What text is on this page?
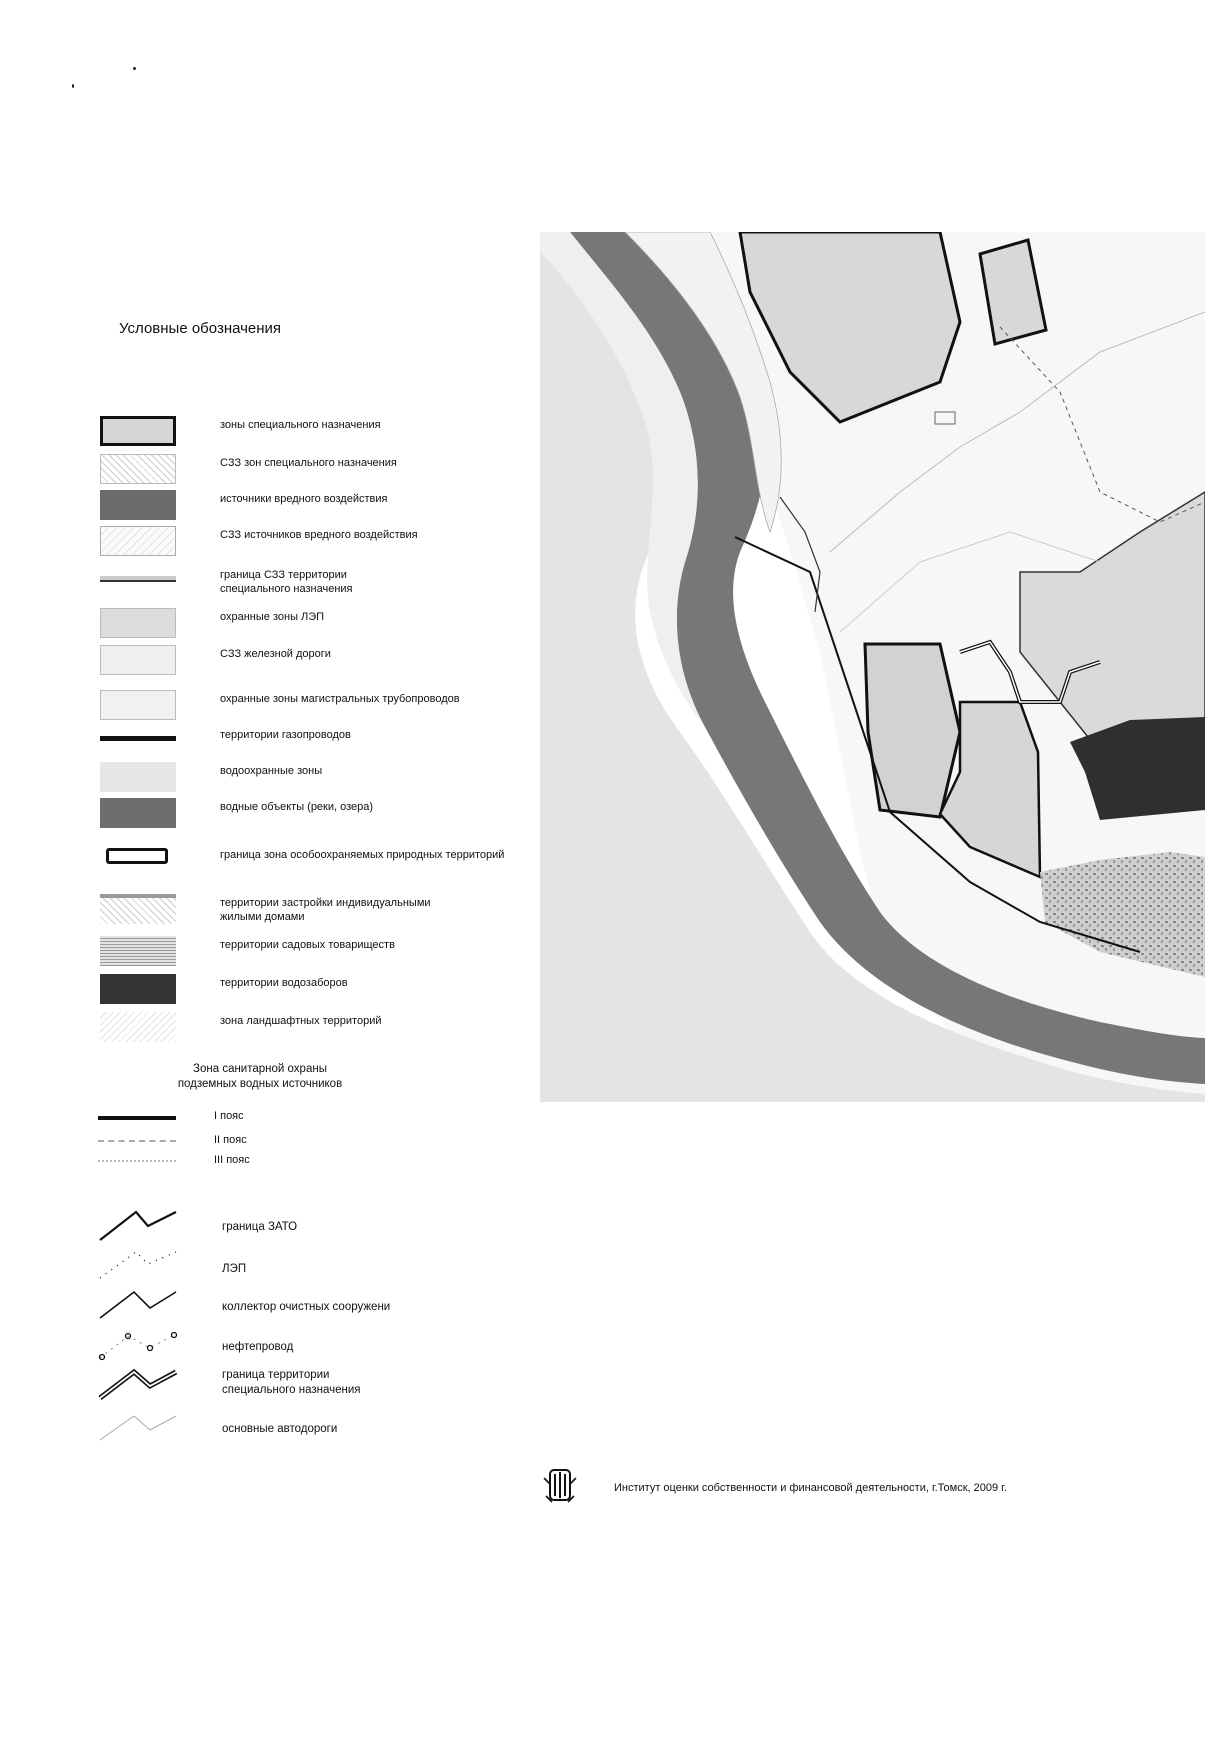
Условные обозначения
зоны специального назначения
СЗЗ зон специального назначения
источники вредного воздействия
СЗЗ источников вредного воздействия
граница СЗЗ территории
специального назначения
охранные зоны ЛЭП
СЗЗ железной дороги
охранные зоны магистральных трубопроводов
территории газопроводов
водоохранные зоны
водные объекты (реки, озера)
граница зона особоохраняемых природных территорий
территории застройки индивидуальными
жилыми домами
территории садовых товариществ
территории водозаборов
зона ландшафтных территорий
Зона санитарной охраны
подземных водных источников
I пояс
II пояс
III пояс
граница ЗАТО
ЛЭП
коллектор очистных сооружени
нефтепровод
граница территории
специального назначения
основные автодороги
Институт оценки собственности и финансовой деятельности, г.Томск, 2009 г.
